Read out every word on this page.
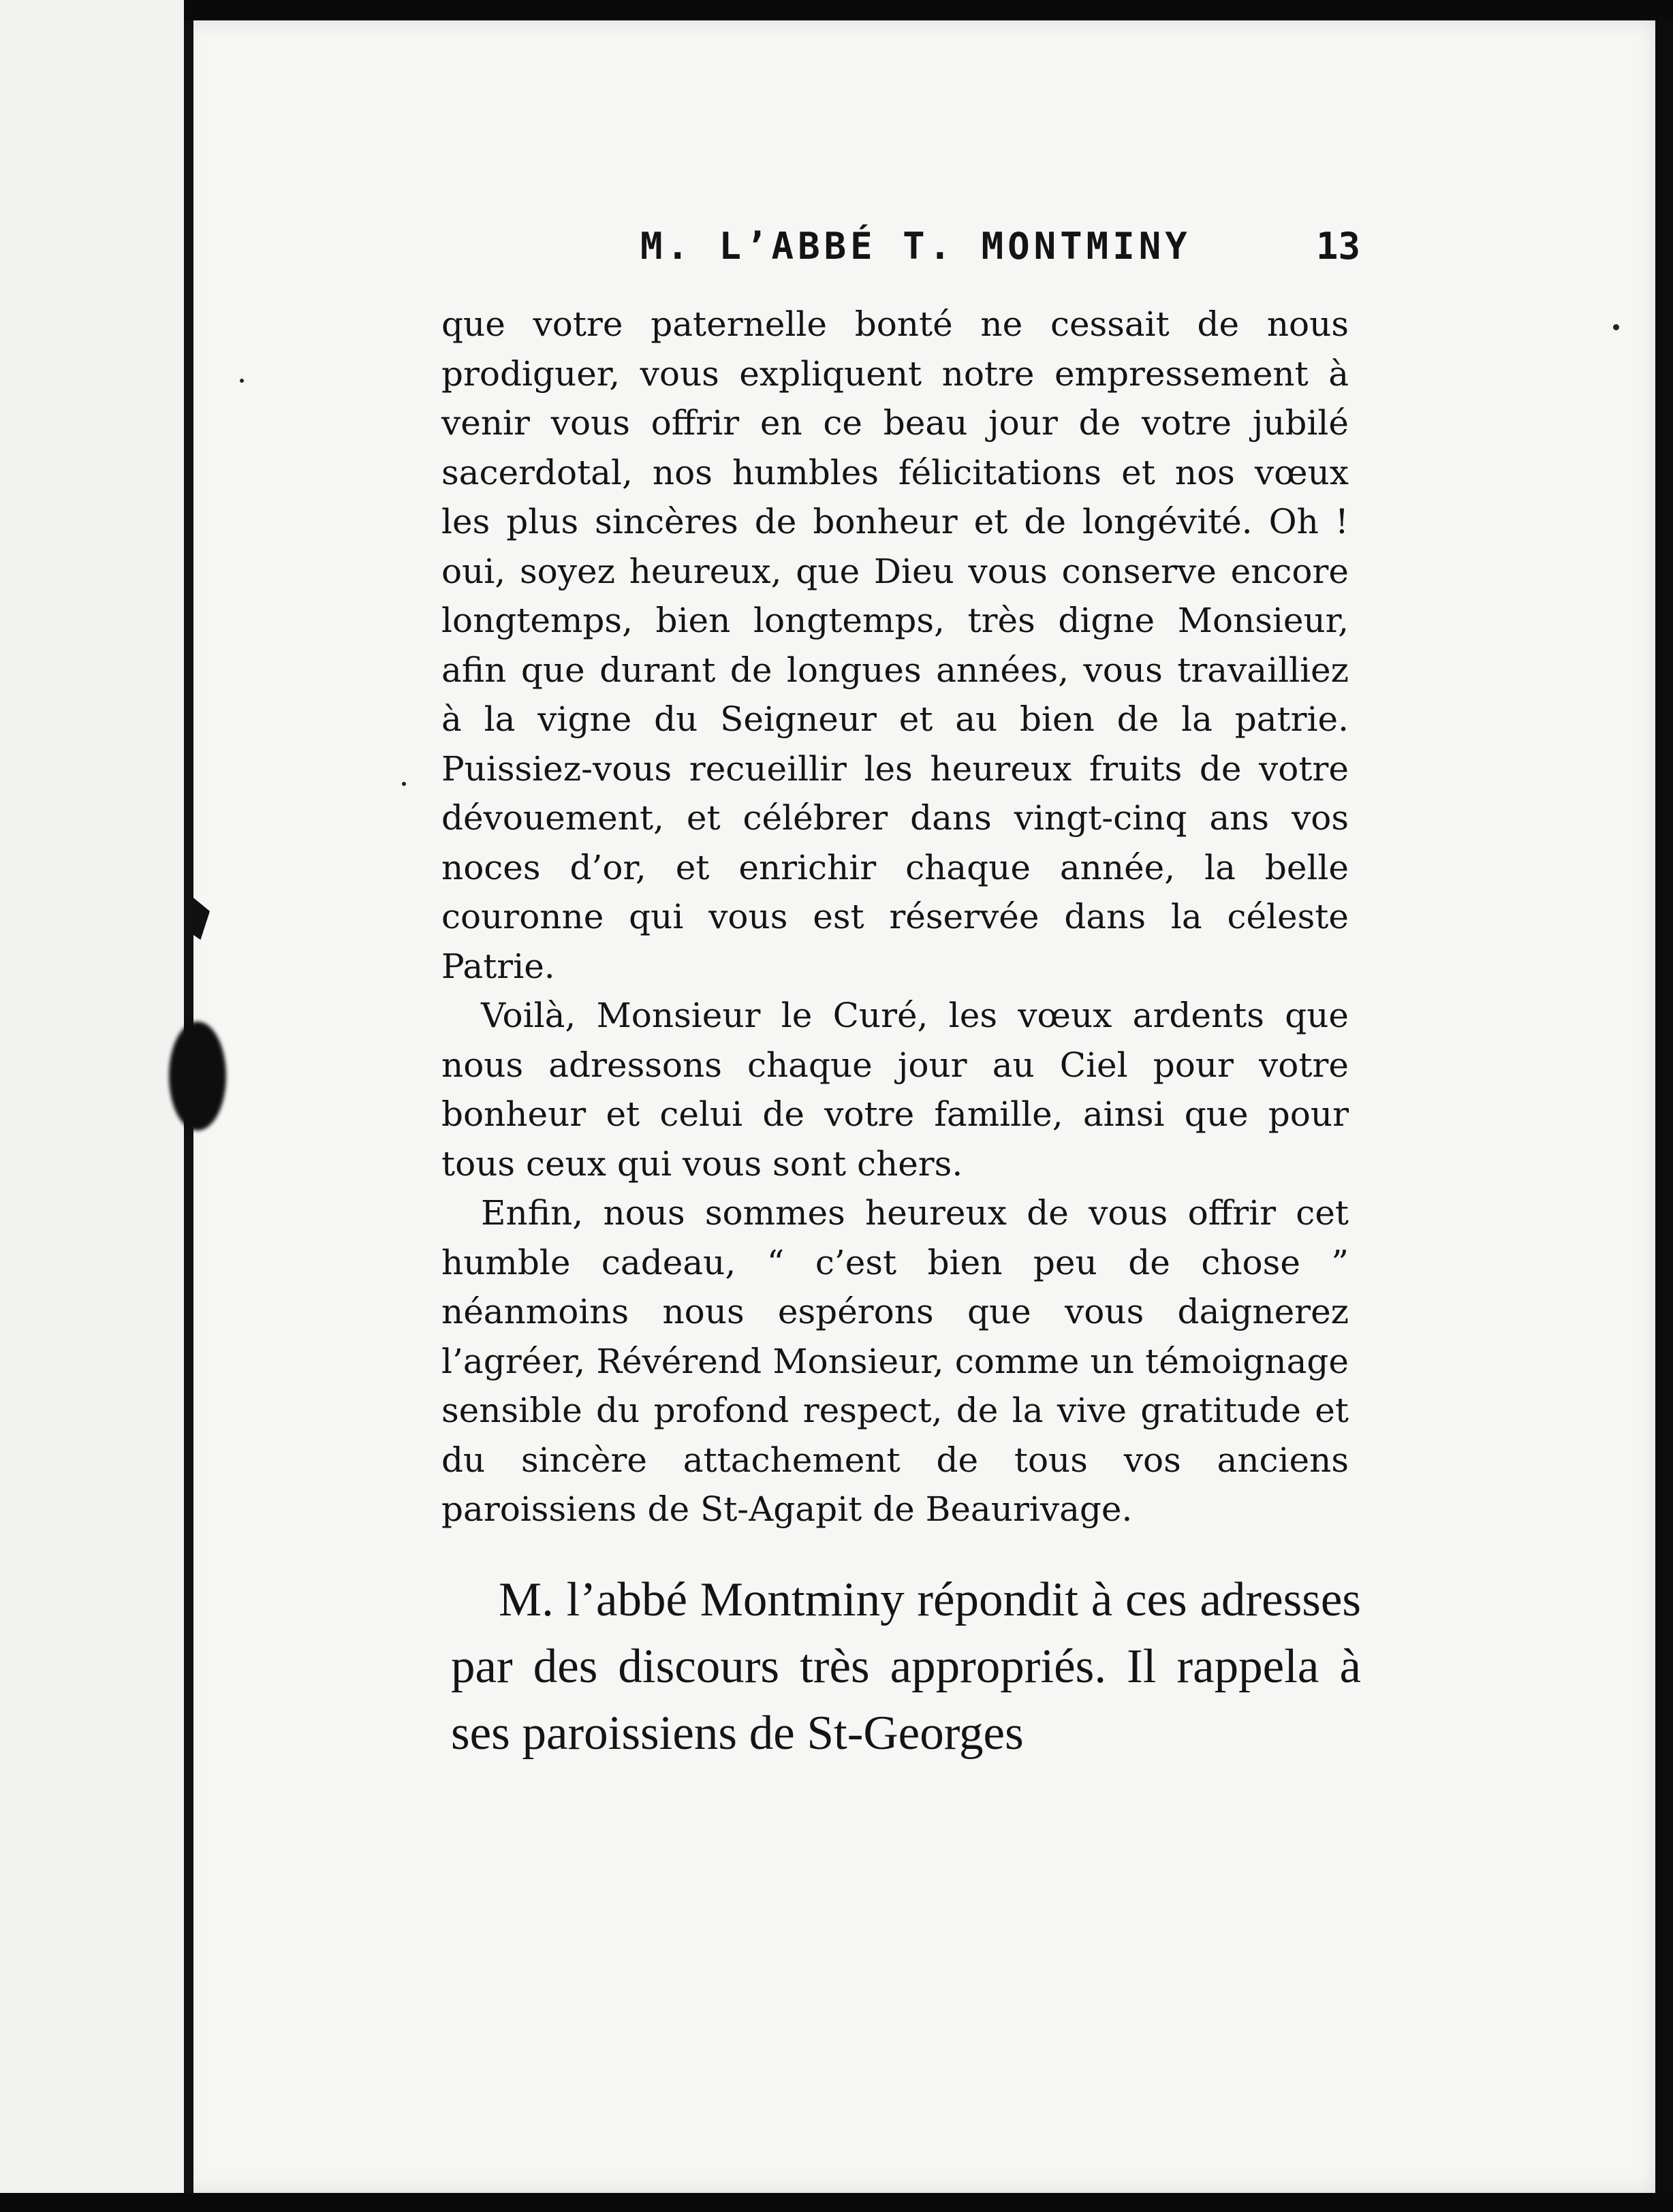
M. L’ABBÉ T. MONTMINY	13

que votre paternelle bonté ne cessait de nous prodiguer, vous expliquent notre empressement à venir vous offrir en ce beau jour de votre jubilé sacerdotal, nos humbles félicitations et nos vœux les plus sincères de bonheur et de longévité. Oh ! oui, soyez heureux, que Dieu vous conserve encore longtemps, bien longtemps, très digne Monsieur, afin que durant de longues années, vous travailliez à la vigne du Seigneur et au bien de la patrie. Puissiez-vous recueillir les heureux fruits de votre dévouement, et célébrer dans vingt-cinq ans vos noces d’or, et enrichir chaque année, la belle couronne qui vous est réservée dans la céleste Patrie.

Voilà, Monsieur le Curé, les vœux ardents que nous adressons chaque jour au Ciel pour votre bonheur et celui de votre famille, ainsi que pour tous ceux qui vous sont chers.

Enfin, nous sommes heureux de vous offrir cet humble cadeau, “ c’est bien peu de chose ” néanmoins nous espérons que vous daignerez l’agréer, Révérend Monsieur, comme un témoignage sensible du profond respect, de la vive gratitude et du sincère attachement de tous vos anciens paroissiens de St-Agapit de Beaurivage.

M. l’abbé Montminy répondit à ces adresses par des discours très appropriés. Il rappela à ses paroissiens de St-Georges
